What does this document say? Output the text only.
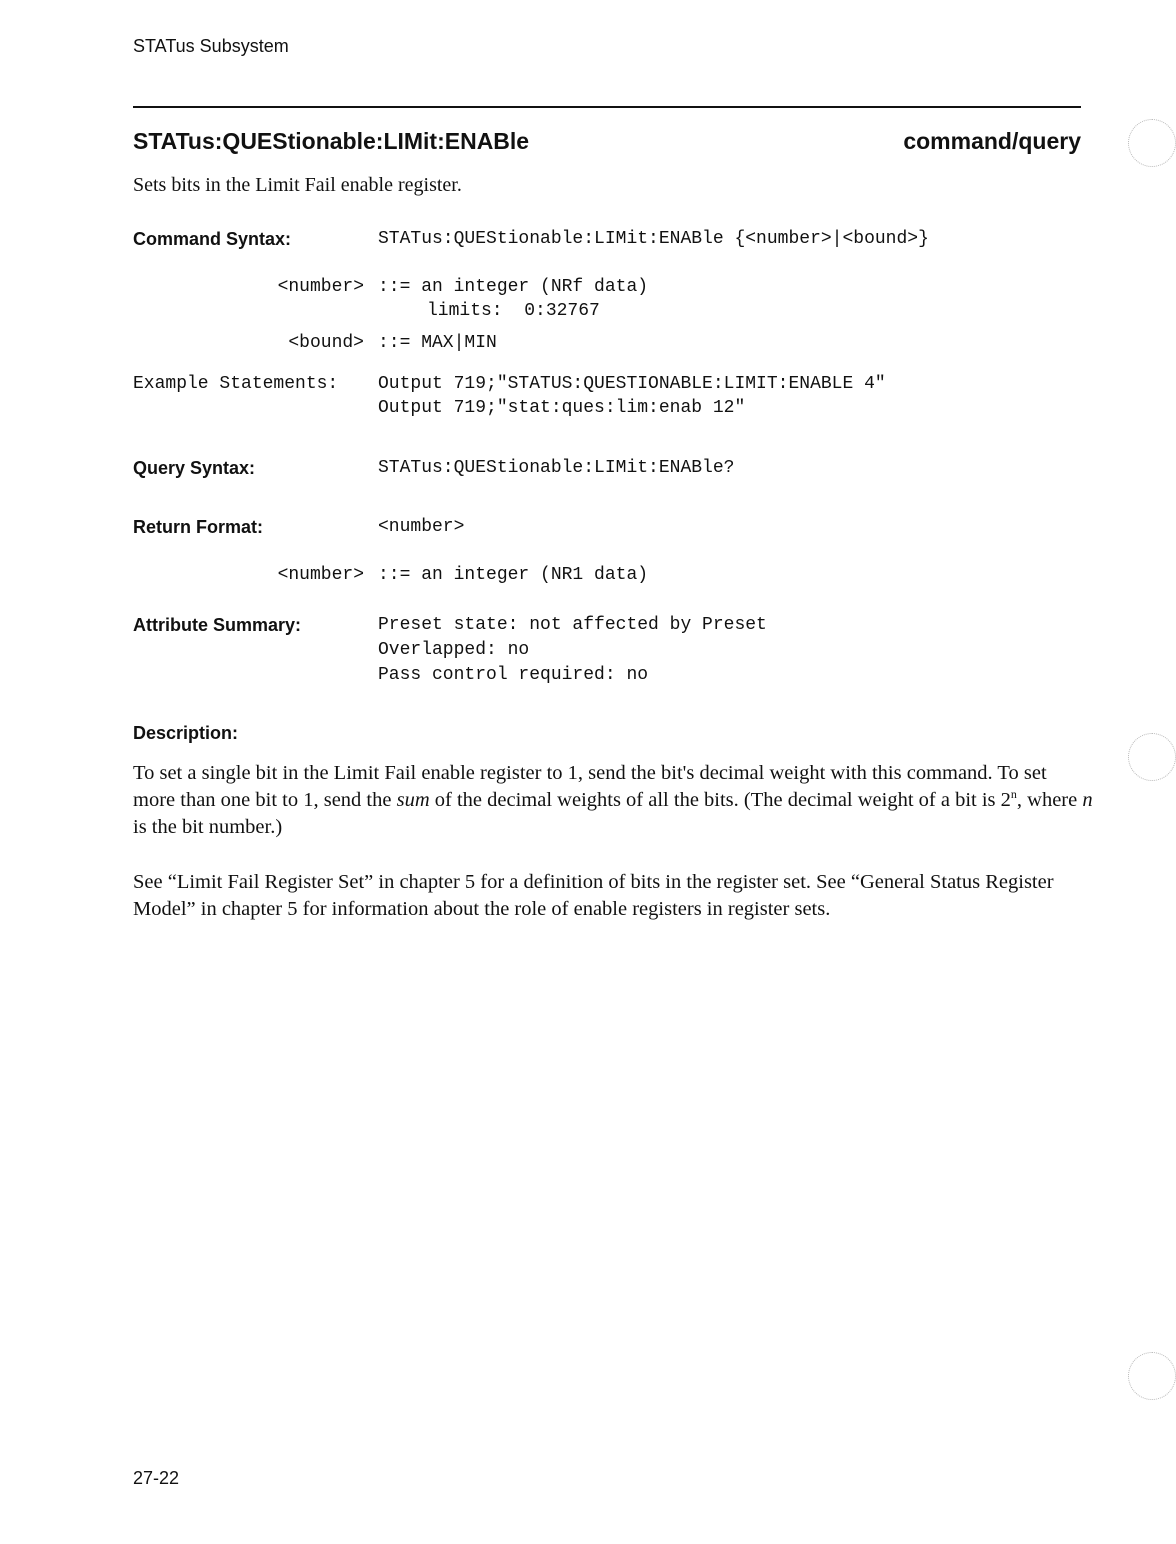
STATus Subsystem
STATus:QUEStionable:LIMit:ENABle	command/query
Sets bits in the Limit Fail enable register.
Command Syntax:	STATus:QUEStionable:LIMit:ENABle {<number>|<bound>}
<number> ::= an integer (NRf data)
limits:  0:32767
<bound> ::= MAX|MIN
Example Statements: Output 719;"STATUS:QUESTIONABLE:LIMIT:ENABLE 4"
Output 719;"stat:ques:lim:enab 12"
Query Syntax:	STATus:QUEStionable:LIMit:ENABle?
Return Format:	<number>
<number> ::= an integer (NR1 data)
Attribute Summary:	Preset state: not affected by Preset
Overlapped: no
Pass control required: no
Description:
To set a single bit in the Limit Fail enable register to 1, send the bit's decimal weight with this command. To set more than one bit to 1, send the sum of the decimal weights of all the bits. (The decimal weight of a bit is 2$^n$, where n is the bit number.)
See “Limit Fail Register Set” in chapter 5 for a definition of bits in the register set. See “General Status Register Model” in chapter 5 for information about the role of enable registers in register sets.
27-22
